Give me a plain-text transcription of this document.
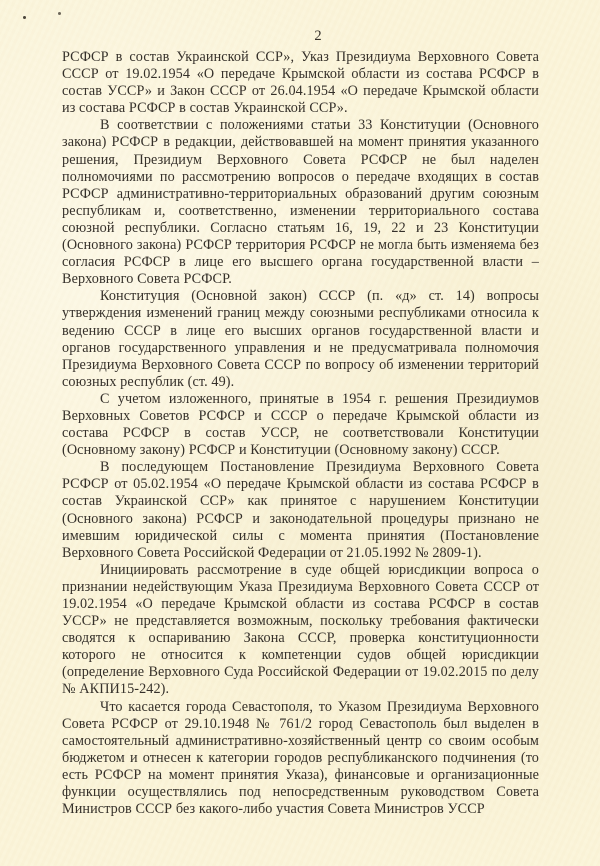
2

РСФСР в состав Украинской ССР», Указ Президиума Верховного Совета СССР от 19.02.1954 «О передаче Крымской области из состава РСФСР в состав УССР» и Закон СССР от 26.04.1954 «О передаче Крымской области из состава РСФСР в состав Украинской ССР».

В соответствии с положениями статьи 33 Конституции (Основного закона) РСФСР в редакции, действовавшей на момент принятия указанного решения, Президиум Верховного Совета РСФСР не был наделен полномочиями по рассмотрению вопросов о передаче входящих в состав РСФСР административно-территориальных образований другим союзным республикам и, соответственно, изменении территориального состава союзной республики. Согласно статьям 16, 19, 22 и 23 Конституции (Основного закона) РСФСР территория РСФСР не могла быть изменяема без согласия РСФСР в лице его высшего органа государственной власти – Верховного Совета РСФСР.

Конституция (Основной закон) СССР (п. «д» ст. 14) вопросы утверждения изменений границ между союзными республиками относила к ведению СССР в лице его высших органов государственной власти и органов государственного управления и не предусматривала полномочия Президиума Верховного Совета СССР по вопросу об изменении территорий союзных республик (ст. 49).

С учетом изложенного, принятые в 1954 г. решения Президиумов Верховных Советов РСФСР и СССР о передаче Крымской области из состава РСФСР в состав УССР, не соответствовали Конституции (Основному закону) РСФСР и Конституции (Основному закону) СССР.

В последующем Постановление Президиума Верховного Совета РСФСР от 05.02.1954 «О передаче Крымской области из состава РСФСР в состав Украинской ССР» как принятое с нарушением Конституции (Основного закона) РСФСР и законодательной процедуры признано не имевшим юридической силы с момента принятия (Постановление Верховного Совета Российской Федерации от 21.05.1992 № 2809-1).

Инициировать рассмотрение в суде общей юрисдикции вопроса о признании недействующим Указа Президиума Верховного Совета СССР от 19.02.1954 «О передаче Крымской области из состава РСФСР в состав УССР» не представляется возможным, поскольку требования фактически сводятся к оспариванию Закона СССР, проверка конституционности которого не относится к компетенции судов общей юрисдикции (определение Верховного Суда Российской Федерации от 19.02.2015 по делу № АКПИ15-242).

Что касается города Севастополя, то Указом Президиума Верховного Совета РСФСР от 29.10.1948 № 761/2 город Севастополь был выделен в самостоятельный административно-хозяйственный центр со своим особым бюджетом и отнесен к категории городов республиканского подчинения (то есть РСФСР на момент принятия Указа), финансовые и организационные функции осуществлялись под непосредственным руководством Совета Министров СССР без какого-либо участия Совета Министров УССР
